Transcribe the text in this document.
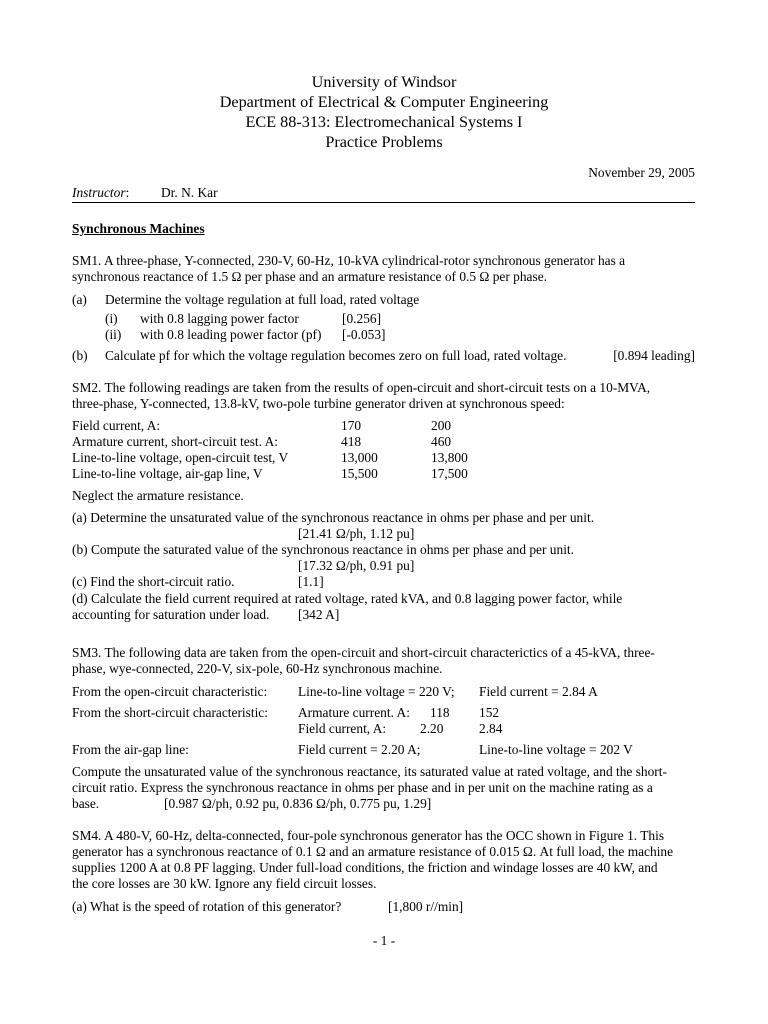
University of Windsor
Department of Electrical & Computer Engineering
ECE 88-313: Electromechanical Systems I
Practice Problems
November 29, 2005
Instructor: Dr. N. Kar
Synchronous Machines
SM1. A three-phase, Y-connected, 230-V, 60-Hz, 10-kVA cylindrical-rotor synchronous generator has a
synchronous reactance of 1.5 Ω per phase and an armature resistance of 0.5 Ω per phase.
(a) Determine the voltage regulation at full load, rated voltage
(i) with 0.8 lagging power factor	[0.256]
(ii) with 0.8 leading power factor (pf) [-0.053]
(b) Calculate pf for which the voltage regulation becomes zero on full load, rated voltage.	[0.894 leading]
SM2. The following readings are taken from the results of open-circuit and short-circuit tests on a 10-MVA,
three-phase, Y-connected, 13.8-kV, two-pole turbine generator driven at synchronous speed:
Field current, A:	170	200
Armature current, short-circuit test. A:	418	460
Line-to-line voltage, open-circuit test, V	13,000	13,800
Line-to-line voltage, air-gap line, V	15,500	17,500
Neglect the armature resistance.
(a) Determine the unsaturated value of the synchronous reactance in ohms per phase and per unit.
[21.41 Ω/ph, 1.12 pu]
(b) Compute the saturated value of the synchronous reactance in ohms per phase and per unit.
[17.32 Ω/ph, 0.91 pu]
(c) Find the short-circuit ratio.	[1.1]
(d) Calculate the field current required at rated voltage, rated kVA, and 0.8 lagging power factor, while
accounting for saturation under load. [342 A]
SM3. The following data are taken from the open-circuit and short-circuit characterictics of a 45-kVA, three-
phase, wye-connected, 220-V, six-pole, 60-Hz synchronous machine.
From the open-circuit characteristic: Line-to-line voltage = 220 V; Field current = 2.84 A
From the short-circuit characteristic: Armature current. A: 118 152
Field current, A:	2.20	2.84
From the air-gap line:	Field current = 2.20 A;	Line-to-line voltage = 202 V
Compute the unsaturated value of the synchronous reactance, its saturated value at rated voltage, and the short-
circuit ratio. Express the synchronous reactance in ohms per phase and in per unit on the machine rating as a
base.	[0.987 Ω/ph, 0.92 pu, 0.836 Ω/ph, 0.775 pu, 1.29]
SM4. A 480-V, 60-Hz, delta-connected, four-pole synchronous generator has the OCC shown in Figure 1. This
generator has a synchronous reactance of 0.1 Ω and an armature resistance of 0.015 Ω. At full load, the machine
supplies 1200 A at 0.8 PF lagging. Under full-load conditions, the friction and windage losses are 40 kW, and
the core losses are 30 kW. Ignore any field circuit losses.
(a) What is the speed of rotation of this generator?	[1,800 r//min]
- 1 -
